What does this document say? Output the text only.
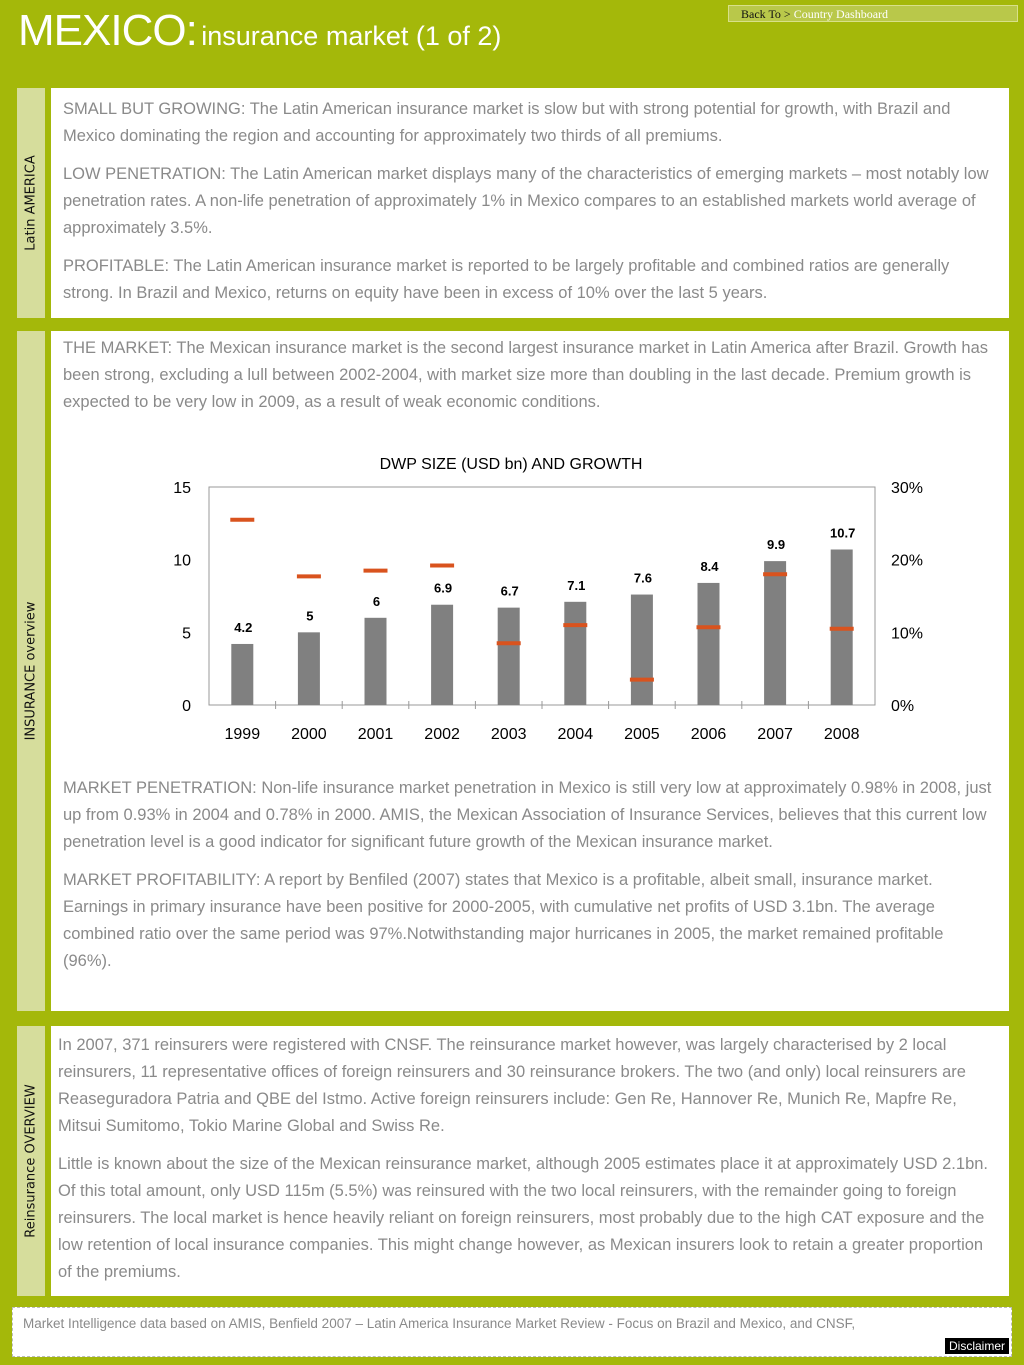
MEXICO: insurance market (1 of 2)
Back To > Country Dashboard
Latin AMERICA

SMALL BUT GROWING: The Latin American insurance market is slow but with strong potential for growth, with Brazil and Mexico dominating the region and accounting for approximately two thirds of all premiums.

LOW PENETRATION: The Latin American market displays many of the characteristics of emerging markets – most notably low penetration rates. A non-life penetration of approximately 1% in Mexico compares to an established markets world average of approximately 3.5%.

PROFITABLE: The Latin American insurance market is reported to be largely profitable and combined ratios are generally strong. In Brazil and Mexico, returns on equity have been in excess of 10% over the last 5 years.

INSURANCE overview

THE MARKET: The Mexican insurance market is the second largest insurance market in Latin America after Brazil. Growth has been strong, excluding a lull between 2002-2004, with market size more than doubling in the last decade. Premium growth is expected to be very low in 2009, as a result of weak economic conditions.

DWP SIZE (USD bn) AND GROWTH
0
5
10
15
0%
10%
20%
30%
4.2
1999
5
2000
6
2001
6.9
2002
6.7
2003
7.1
2004
7.6
2005
8.4
2006
9.9
2007
10.7
2008

MARKET PENETRATION: Non-life insurance market penetration in Mexico is still very low at approximately 0.98% in 2008, just up from 0.93% in 2004 and 0.78% in 2000. AMIS, the Mexican Association of Insurance Services, believes that this current low penetration level is a good indicator for significant future growth of the Mexican insurance market.

MARKET PROFITABILITY: A report by Benfiled (2007) states that Mexico is a profitable, albeit small, insurance market. Earnings in primary insurance have been positive for 2000-2005, with cumulative net profits of USD 3.1bn. The average combined ratio over the same period was 97%.Notwithstanding major hurricanes in 2005, the market remained profitable (96%).

Reinsurance OVERVIEW

In 2007, 371 reinsurers were registered with CNSF. The reinsurance market however, was largely characterised by 2 local reinsurers, 11 representative offices of foreign reinsurers and 30 reinsurance brokers. The two (and only) local reinsurers are Reaseguradora Patria and QBE del Istmo. Active foreign reinsurers include: Gen Re, Hannover Re, Munich Re, Mapfre Re, Mitsui Sumitomo, Tokio Marine Global and Swiss Re.

Little is known about the size of the Mexican reinsurance market, although 2005 estimates place it at approximately USD 2.1bn. Of this total amount, only USD 115m (5.5%) was reinsured with the two local reinsurers, with the remainder going to foreign reinsurers. The local market is hence heavily reliant on foreign reinsurers, most probably due to the high CAT exposure and the low retention of local insurance companies. This might change however, as Mexican insurers look to retain a greater proportion of the premiums.

Market Intelligence data based on AMIS, Benfield 2007 – Latin America Insurance Market Review - Focus on Brazil and Mexico, and CNSF,
Disclaimer
